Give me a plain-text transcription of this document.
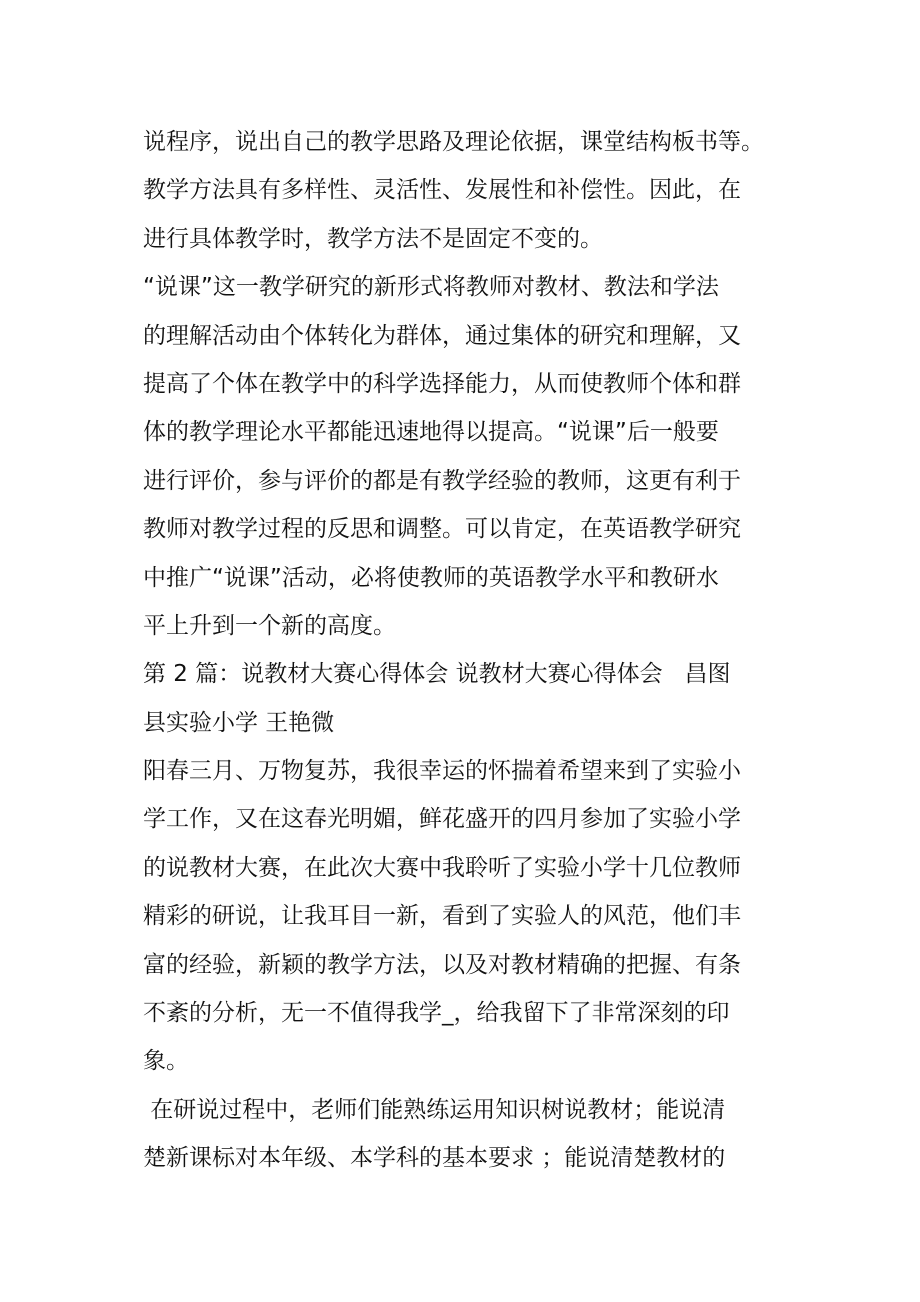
说程序，说出自己的教学思路及理论依据，课堂结构板书等。
教学方法具有多样性、灵活性、发展性和补偿性。因此，在
进行具体教学时，教学方法不是固定不变的。
“说课”这一教学研究的新形式将教师对教材、教法和学法
的理解活动由个体转化为群体，通过集体的研究和理解，又
提高了个体在教学中的科学选择能力，从而使教师个体和群
体的教学理论水平都能迅速地得以提高。“说课”后一般要
进行评价，参与评价的都是有教学经验的教师，这更有利于
教师对教学过程的反思和调整。可以肯定，在英语教学研究
中推广“说课”活动，必将使教师的英语教学水平和教研水
平上升到一个新的高度。
第 2 篇：说教材大赛心得体会 说教材大赛心得体会   昌图
县实验小学 王艳微
阳春三月、万物复苏，我很幸运的怀揣着希望来到了实验小
学工作，又在这春光明媚，鲜花盛开的四月参加了实验小学
的说教材大赛，在此次大赛中我聆听了实验小学十几位教师
精彩的研说，让我耳目一新，看到了实验人的风范，他们丰
富的经验，新颖的教学方法，以及对教材精确的把握、有条
不紊的分析，无一不值得我学_，给我留下了非常深刻的印
象。
在研说过程中，老师们能熟练运用知识树说教材；能说清
楚新课标对本年级、本学科的基本要求 ；能说清楚教材的
